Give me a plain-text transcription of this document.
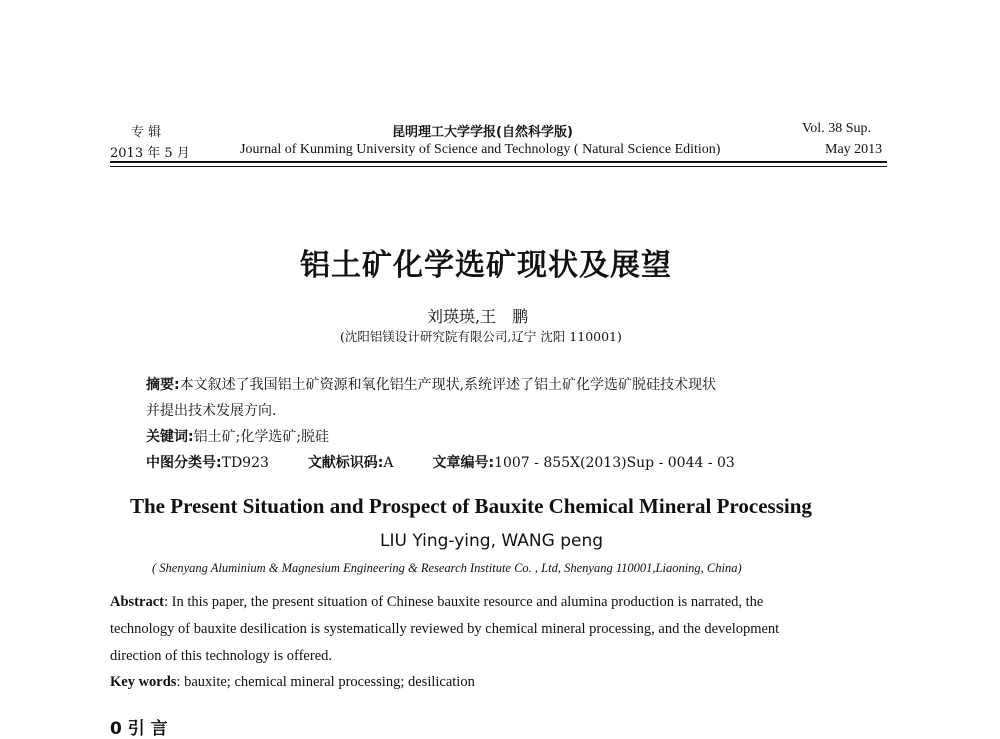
专 辑
2013 年 5 月
昆明理工大学学报(自然科学版)
Journal of Kunming University of Science and Technology ( Natural Science Edition)
Vol. 38 Sup.
May 2013
铝土矿化学选矿现状及展望
刘瑛瑛,王　鹏
(沈阳铝镁设计研究院有限公司,辽宁 沈阳 110001)
摘要:本文叙述了我国铝土矿资源和氧化铝生产现状,系统评述了铝土矿化学选矿脱硅技术现状
并提出技术发展方向.
关键词:铝土矿;化学选矿;脱硅
中图分类号:TD923	文献标识码:A	文章编号:1007 - 855X(2013)Sup - 0044 - 03
The Present Situation and Prospect of Bauxite Chemical Mineral Processing
LIU Ying-ying, WANG peng
( Shenyang Aluminium & Magnesium Engineering & Research Institute Co. , Ltd, Shenyang 110001,Liaoning, China)
Abstract: In this paper, the present situation of Chinese bauxite resource and alumina production is narrated, the
technology of bauxite desilication is systematically reviewed by chemical mineral processing, and the development
direction of this technology is offered.
Key words: bauxite; chemical mineral processing; desilication
0 引 言
